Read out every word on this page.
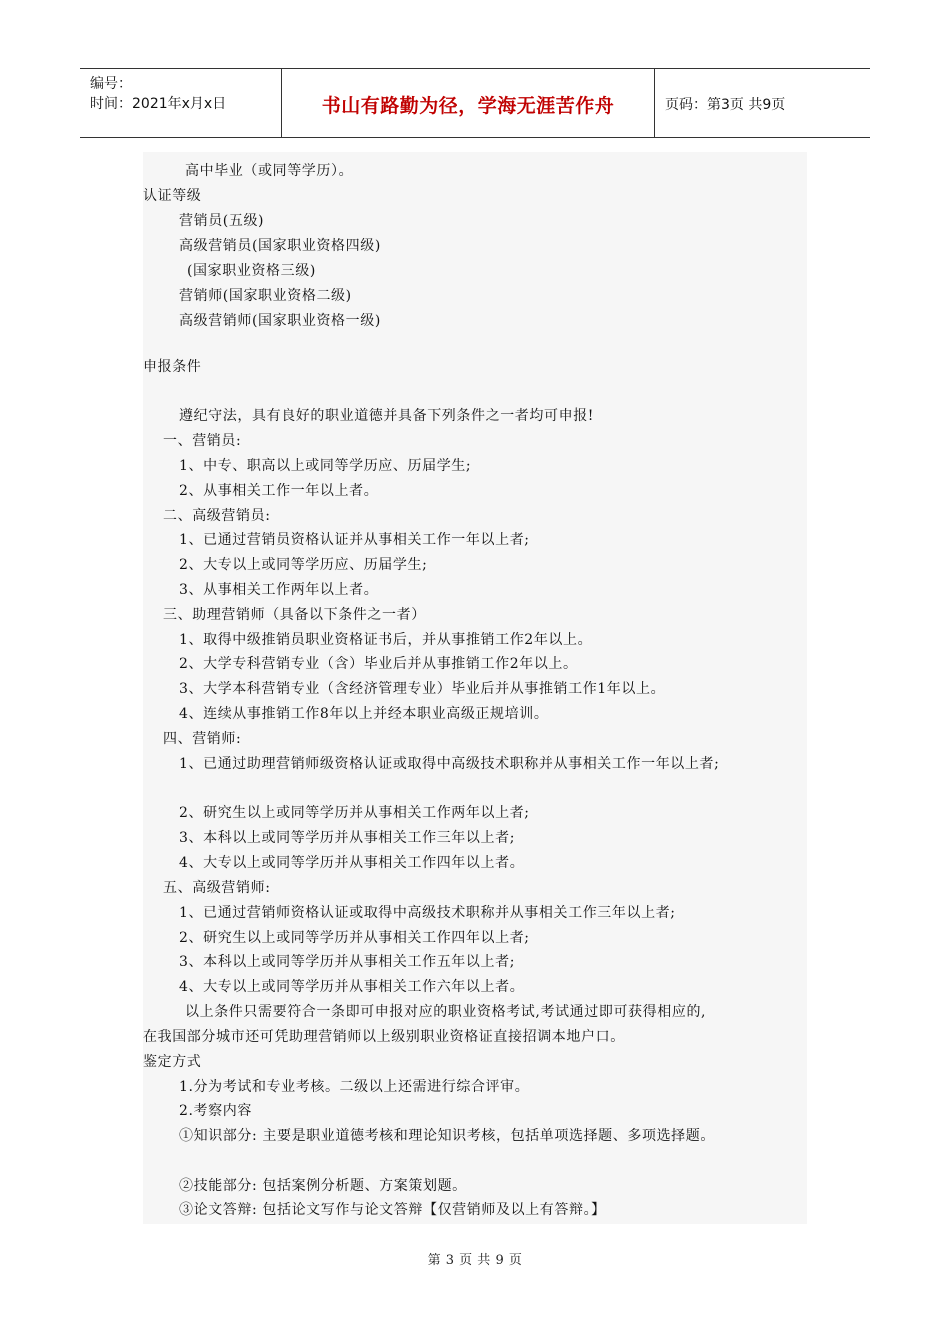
编号：
时间：2021年x月x日	书山有路勤为径，学海无涯苦作舟	页码：第3页 共9页
高中毕业（或同等学历）。
认证等级
营销员(五级)
高级营销员(国家职业资格四级)
(国家职业资格三级)
营销师(国家职业资格二级)
高级营销师(国家职业资格一级)
申报条件
遵纪守法，具有良好的职业道德并具备下列条件之一者均可申报!
一、营销员:
1、中专、职高以上或同等学历应、历届学生;
2、从事相关工作一年以上者。
二、高级营销员:
1、已通过营销员资格认证并从事相关工作一年以上者;
2、大专以上或同等学历应、历届学生;
3、从事相关工作两年以上者。
三、助理营销师（具备以下条件之一者）
1、取得中级推销员职业资格证书后，并从事推销工作2年以上。
2、大学专科营销专业（含）毕业后并从事推销工作2年以上。
3、大学本科营销专业（含经济管理专业）毕业后并从事推销工作1年以上。
4、连续从事推销工作8年以上并经本职业高级正规培训。
四、营销师:
1、已通过助理营销师级资格认证或取得中高级技术职称并从事相关工作一年以上者;
2、研究生以上或同等学历并从事相关工作两年以上者;
3、本科以上或同等学历并从事相关工作三年以上者;
4、大专以上或同等学历并从事相关工作四年以上者。
五、高级营销师:
1、已通过营销师资格认证或取得中高级技术职称并从事相关工作三年以上者;
2、研究生以上或同等学历并从事相关工作四年以上者;
3、本科以上或同等学历并从事相关工作五年以上者;
4、大专以上或同等学历并从事相关工作六年以上者。
以上条件只需要符合一条即可申报对应的职业资格考试,考试通过即可获得相应的,
在我国部分城市还可凭助理营销师以上级别职业资格证直接招调本地户口。
鉴定方式
1.分为考试和专业考核。二级以上还需进行综合评审。
2.考察内容
①知识部分: 主要是职业道德考核和理论知识考核，包括单项选择题、多项选择题。
②技能部分: 包括案例分析题、方案策划题。
③论文答辩: 包括论文写作与论文答辩【仅营销师及以上有答辩。】
第 3 页 共 9 页
